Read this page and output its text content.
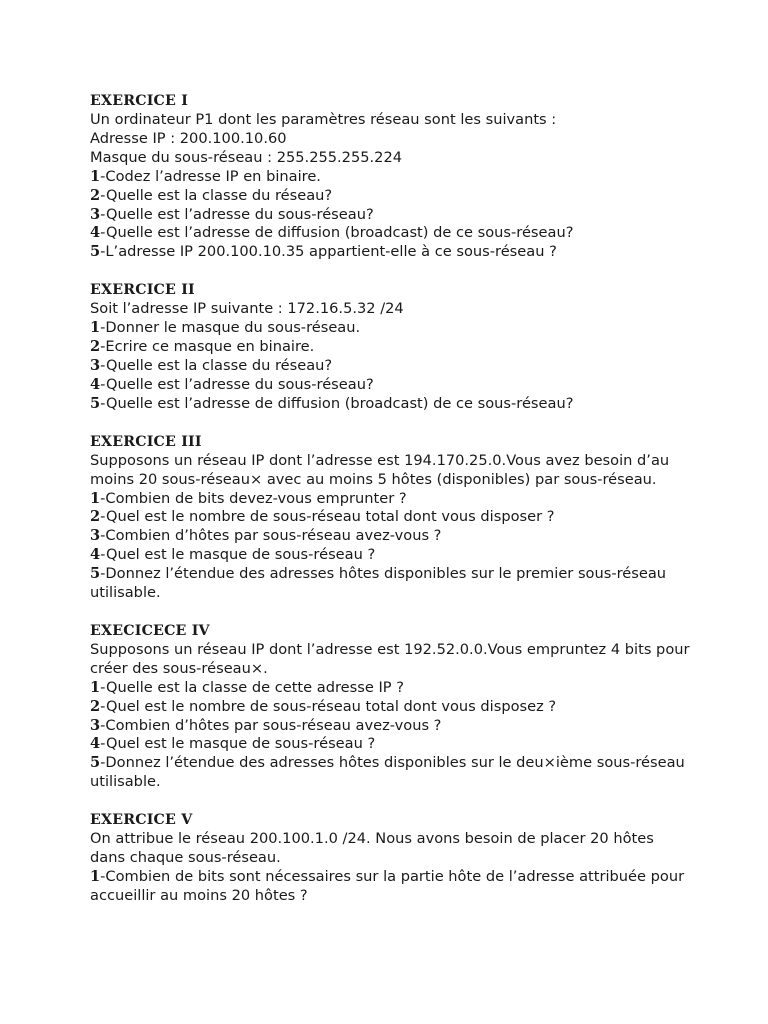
EXERCICE I
Un ordinateur P1 dont les paramètres réseau sont les suivants :
Adresse IP : 200.100.10.60
Masque du sous-réseau : 255.255.255.224
1-Codez l’adresse IP en binaire.
2-Quelle est la classe du réseau?
3-Quelle est l’adresse du sous-réseau?
4-Quelle est l’adresse de diffusion (broadcast) de ce sous-réseau?
5-L’adresse IP 200.100.10.35 appartient-elle à ce sous-réseau ?
EXERCICE II
Soit l’adresse IP suivante : 172.16.5.32 /24
1-Donner le masque du sous-réseau.
2-Ecrire ce masque en binaire.
3-Quelle est la classe du réseau?
4-Quelle est l’adresse du sous-réseau?
5-Quelle est l’adresse de diffusion (broadcast) de ce sous-réseau?
EXERCICE III
Supposons un réseau IP dont l’adresse est 194.170.25.0.Vous avez besoin d’au moins 20 sous-réseau× avec au moins 5 hôtes (disponibles) par sous-réseau.
1-Combien de bits devez-vous emprunter ?
2-Quel est le nombre de sous-réseau total dont vous disposer ?
3-Combien d’hôtes par sous-réseau avez-vous ?
4-Quel est le masque de sous-réseau ?
5-Donnez l’étendue des adresses hôtes disponibles sur le premier sous-réseau utilisable.
EXECICECE IV
Supposons un réseau IP dont l’adresse est 192.52.0.0.Vous empruntez 4 bits pour créer des sous-réseau×.
1-Quelle est la classe de cette adresse IP ?
2-Quel est le nombre de sous-réseau total dont vous disposez ?
3-Combien d’hôtes par sous-réseau avez-vous ?
4-Quel est le masque de sous-réseau ?
5-Donnez l’étendue des adresses hôtes disponibles sur le deu×ième sous-réseau utilisable.
EXERCICE V
On attribue le réseau 200.100.1.0 /24. Nous avons besoin de placer 20 hôtes dans chaque sous-réseau.
1-Combien de bits sont nécessaires sur la partie hôte de l’adresse attribuée pour accueillir au moins 20 hôtes ?
